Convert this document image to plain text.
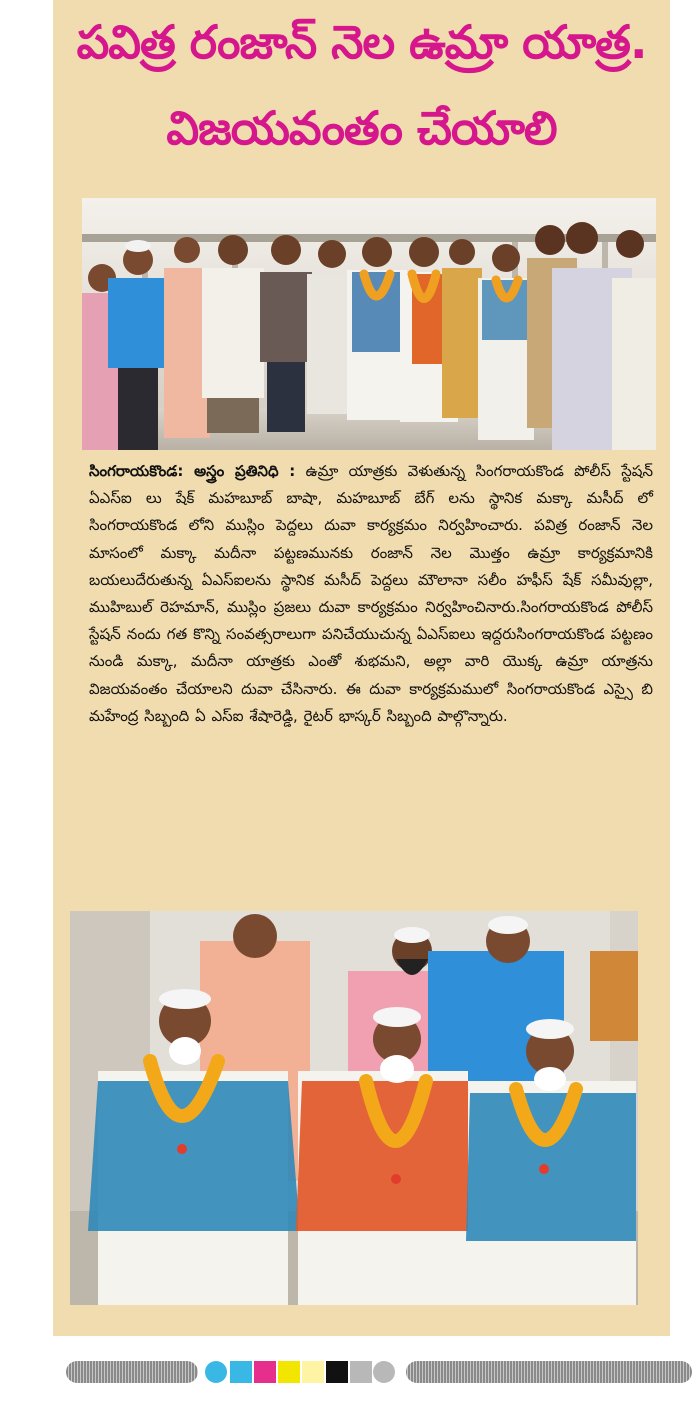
పవిత్ర రంజాన్ నెల ఉమ్రా యాత్ర.
విజయవంతం చేయాలి
సింగరాయకొండ: అస్త్రం ప్రతినిధి : ఉమ్రా యాత్రకు వెళుతున్న సింగరాయకొండ పోలీస్ స్టేషన్ ఏఎస్ఐ లు షేక్ మహబూబ్ బాషా, మహబూబ్ బేగ్ లను స్థానిక మక్కా మసీద్ లో సింగరాయకొండ లోని ముస్లిం పెద్దలు దువా కార్యక్రమం నిర్వహించారు. పవిత్ర రంజాన్ నెల మాసంలో మక్కా మదీనా పట్టణమునకు రంజాన్ నెల మొత్తం ఉమ్రా కార్యక్రమానికి బయలుదేరుతున్న ఏఎస్ఐలను స్థానిక మసీద్ పెద్దలు మౌలానా సలీం హఫీస్ షేక్ సమీవుల్లా, ముహిబుల్ రెహమాన్, ముస్లిం ప్రజలు దువా కార్యక్రమం నిర్వహించినారు.సింగరాయకొండ పోలీస్ స్టేషన్ నందు గత కొన్ని సంవత్సరాలుగా పనిచేయుచున్న ఏఎస్ఐలు ఇద్దరుసింగరాయకొండ పట్టణం నుండి మక్కా, మదీనా యాత్రకు ఎంతో శుభమని, అల్లా వారి యొక్క ఉమ్రా యాత్రను విజయవంతం చేయాలని దువా చేసినారు. ఈ దువా కార్యక్రమములో సింగరాయకొండ ఎస్సై బి మహేంద్ర సిబ్బంది ఏ ఎస్ఐ శేషారెడ్డి, రైటర్ భాస్కర్ సిబ్బంది పాల్గొన్నారు.
